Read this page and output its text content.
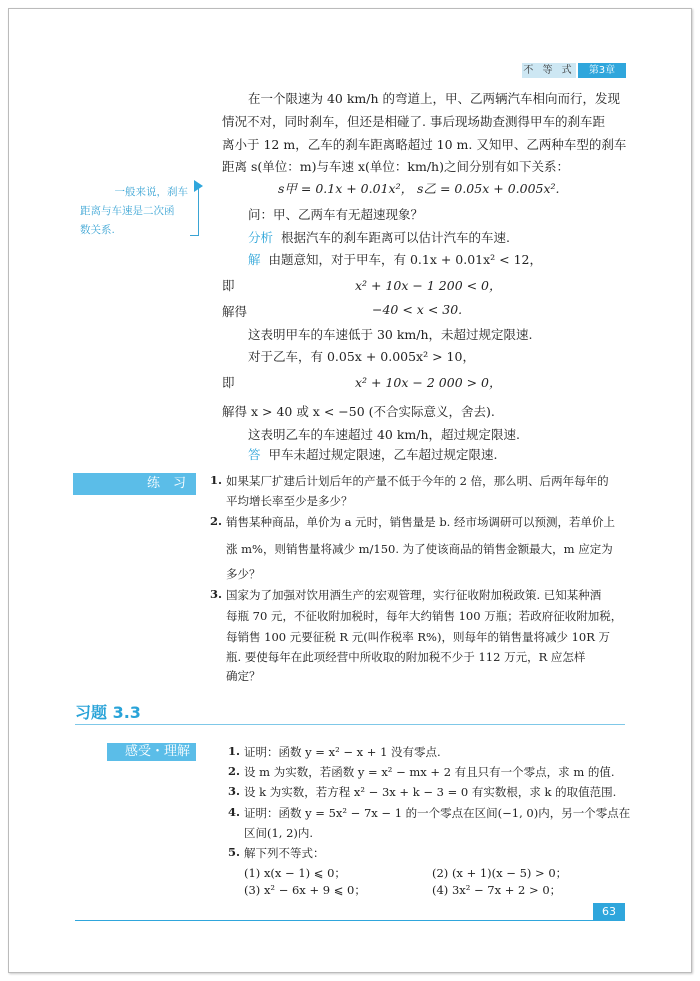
不 等 式	第3章
在一个限速为 40 km/h 的弯道上，甲、乙两辆汽车相向而行，发现
情况不对，同时刹车，但还是相碰了. 事后现场勘查测得甲车的刹车距
离小于 12 m，乙车的刹车距离略超过 10 m. 又知甲、乙两种车型的刹车
距离 s(单位：m)与车速 x(单位：km/h)之间分别有如下关系：
s甲 = 0.1x + 0.01x²， s乙 = 0.05x + 0.005x².
一般来说，刹车
距离与车速是二次函
数关系.
问：甲、乙两车有无超速现象？
分析 根据汽车的刹车距离可以估计汽车的车速.
解 由题意知，对于甲车，有 0.1x + 0.01x² < 12，
即	x² + 10x − 1 200 < 0，
解得	−40 < x < 30.
这表明甲车的车速低于 30 km/h，未超过规定限速.
对于乙车，有 0.05x + 0.005x² > 10，
即	x² + 10x − 2 000 > 0，
解得 x > 40 或 x < −50 (不合实际意义，舍去).
这表明乙车的车速超过 40 km/h，超过规定限速.
答 甲车未超过规定限速，乙车超过规定限速.
练　习	1. 如果某厂扩建后计划后年的产量不低于今年的 2 倍，那么明、后两年每年的
平均增长率至少是多少？
2. 销售某种商品，单价为 a 元时，销售量是 b. 经市场调研可以预测，若单价上
涨 m%，则销售量将减少 m/150. 为了使该商品的销售金额最大，m 应定为
多少？
3. 国家为了加强对饮用酒生产的宏观管理，实行征收附加税政策. 已知某种酒
每瓶 70 元，不征收附加税时，每年大约销售 100 万瓶；若政府征收附加税，
每销售 100 元要征税 R 元(叫作税率 R%)，则每年的销售量将减少 10R 万
瓶. 要使每年在此项经营中所收取的附加税不少于 112 万元，R 应怎样
确定？
习题 3.3
感受・理解	1. 证明：函数 y = x² − x + 1 没有零点.
2. 设 m 为实数，若函数 y = x² − mx + 2 有且只有一个零点，求 m 的值.
3. 设 k 为实数，若方程 x² − 3x + k − 3 = 0 有实数根，求 k 的取值范围.
4. 证明：函数 y = 5x² − 7x − 1 的一个零点在区间(−1, 0)内，另一个零点在
区间(1, 2)内.
5. 解下列不等式：
(1) x(x − 1) ⩽ 0；	(2) (x + 1)(x − 5) > 0；
(3) x² − 6x + 9 ⩽ 0；	(4) 3x² − 7x + 2 > 0；
63
